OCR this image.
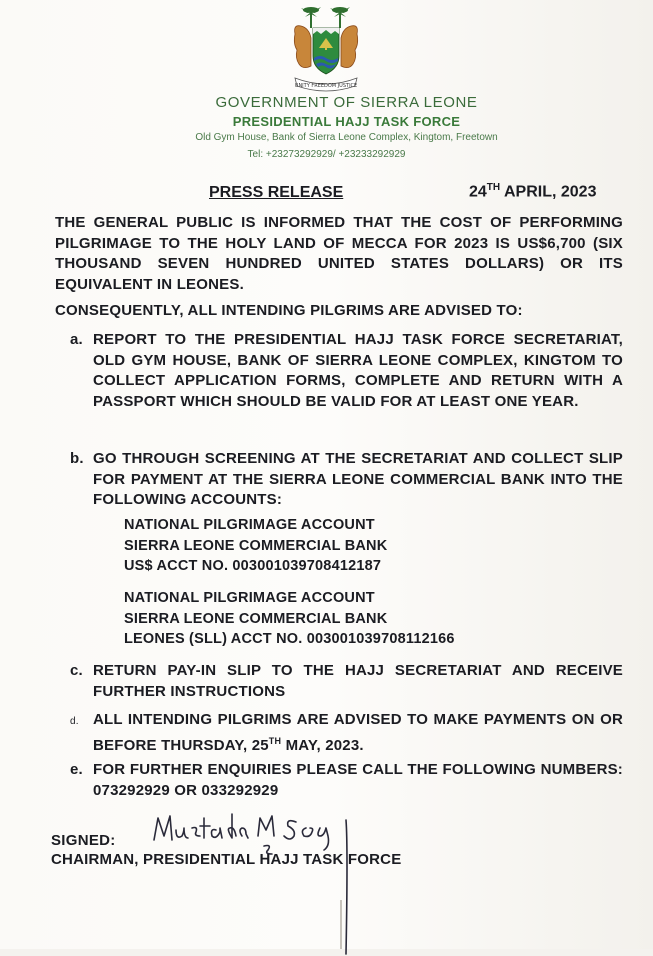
UNITY FREEDOM JUSTICE
GOVERNMENT OF SIERRA LEONE
PRESIDENTIAL HAJJ TASK FORCE
Old Gym House, Bank of Sierra Leone Complex, Kingtom, Freetown
Tel: +23273292929/ +23233292929
PRESS RELEASE	24TH APRIL, 2023
THE GENERAL PUBLIC IS INFORMED THAT THE COST OF PERFORMING PILGRIMAGE TO THE HOLY LAND OF MECCA FOR 2023 IS US$6,700 (SIX THOUSAND SEVEN HUNDRED UNITED STATES DOLLARS) OR ITS EQUIVALENT IN LEONES.
CONSEQUENTLY, ALL INTENDING PILGRIMS ARE ADVISED TO:
a. REPORT TO THE PRESIDENTIAL HAJJ TASK FORCE SECRETARIAT, OLD GYM HOUSE, BANK OF SIERRA LEONE COMPLEX, KINGTOM TO COLLECT APPLICATION FORMS, COMPLETE AND RETURN WITH A PASSPORT WHICH SHOULD BE VALID FOR AT LEAST ONE YEAR.
b. GO THROUGH SCREENING AT THE SECRETARIAT AND COLLECT SLIP FOR PAYMENT AT THE SIERRA LEONE COMMERCIAL BANK INTO THE FOLLOWING ACCOUNTS:
NATIONAL PILGRIMAGE ACCOUNT
SIERRA LEONE COMMERCIAL BANK
US$ ACCT NO. 003001039708412187
NATIONAL PILGRIMAGE ACCOUNT
SIERRA LEONE COMMERCIAL BANK
LEONES (SLL) ACCT NO. 003001039708112166
c. RETURN PAY-IN SLIP TO THE HAJJ SECRETARIAT AND RECEIVE FURTHER INSTRUCTIONS
d. ALL INTENDING PILGRIMS ARE ADVISED TO MAKE PAYMENTS ON OR BEFORE THURSDAY, 25TH MAY, 2023.
e. FOR FURTHER ENQUIRIES PLEASE CALL THE FOLLOWING NUMBERS: 073292929 OR 033292929
SIGNED:
CHAIRMAN, PRESIDENTIAL HAJJ TASK FORCE
